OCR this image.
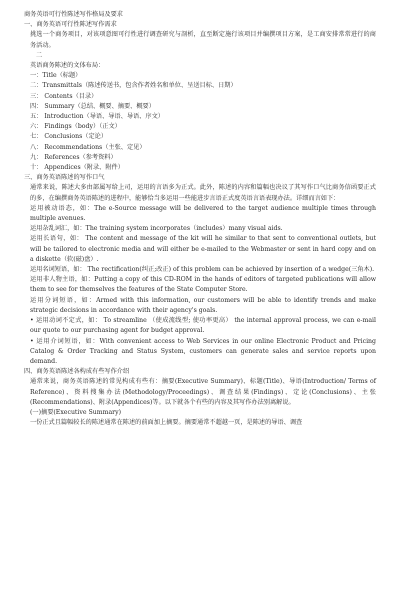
商务英语可行性陈述写作格局及要求
一、商务英语可行性陈述写作需求
挑选一个商务项目，对该项意图可行性进行调查研究与剖析，直至断定施行该项目并编撰项目方案，是工商安排常常进行的商务活动。
二
英语商务陈述的文体布局：
一：Title（标题）
二：Transmittals（陈述传送书，包含作者姓名和单位、呈送目标、日期）
三： Contents（目录）
四： Summary（总结、概要、摘要、概要）
五： Introduction（导语、导语、导语、序文）
六： Findings（body）（正文）
七： Conclusions（定论）
八： Recommendations（主张、定见）
九： References（参考资料）
十： Appendices（附录、附件）
三、商务英语陈述的写作口气
通常来说，陈述大多由部属写给上司，运用的言语多为正式。此外，陈述的内容和篇幅也决议了其写作口气比商务信函要正式的多，在编撰商务英语陈述的进程中，能够恰当多运用一些能进步言语正式度英语言语表现办法。详细而言如下：
运用被动语态，如：The e-Source message will be delivered to the target audience multiple times through multiple avenues.
运用杂乱词汇，如：The training system incorporates（includes）many visual aids.
运用长语句，如： The content and message of the kit will he similar to that sent to conventional outlets, but will be tailored to electronic media and will either be e-mailed to the Webmaster or sent in hard copy and on a diskette（软(磁)盘）.
运用名词短语，如： The rectification(纠正;改正) of this problem can be achieved by insertion of a wedge(三角木).
运用非人物主语，如：Putting a copy of this CD-ROM in the hands of editors of targeted publications will allow them to see for themselves the features of the State Computer Store.
运用分词短语，如：Armed with this information, our customers will be able to identify trends and make strategic decisions in accordance with their agency's goals.
• 运用动词不定式，如： To streamline （使成流线型; 使功率更高） the internal approval process, we can e-mail our quote to our purchasing agent for budget approval.
• 运用介词短语，如：With convenient access to Web Services in our online Electronic Product and Pricing Catalog & Order Tracking and Status System, customers can generate sales and service reports upon demand.
四、商务英语陈述各构成有些写作介绍
通常来说，商务英语陈述的常见构成有些有：摘要(Executive Summary)、标题(Title)、导语(Introduction/ Terms of Reference)、资料搜集办法(Methodology/Proceedings)、调查结果(Findings)、定论(Conclusions)、主张(Recommendations)、附录(Appendices)等。以下就各个有些的内容及其写作办法别离解说。
(一)摘要(Executive Summary)
一份正式且篇幅较长的陈述通常在陈述的前面加上摘要。摘要通常不超越一页，是陈述的导语、调查
